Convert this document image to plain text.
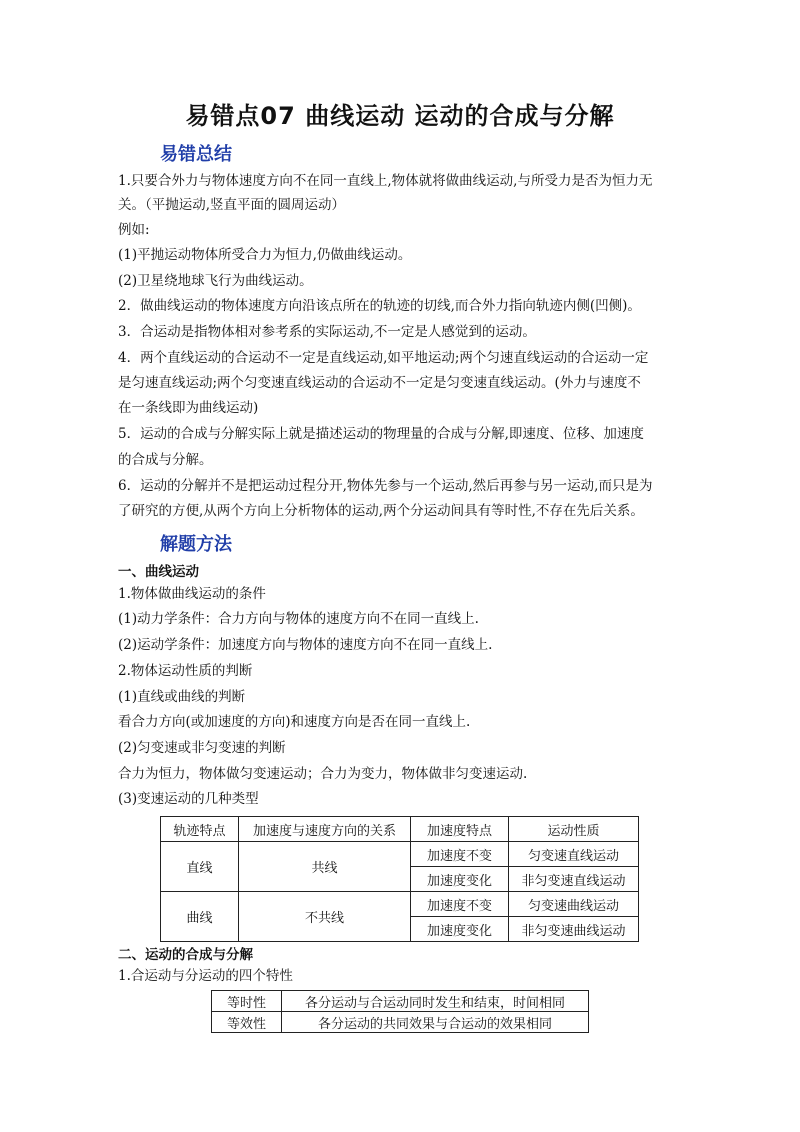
易错点07 曲线运动 运动的合成与分解
易错总结
1.只要合外力与物体速度方向不在同一直线上,物体就将做曲线运动,与所受力是否为恒力无
关。（平抛运动,竖直平面的圆周运动）
例如:
(1)平抛运动物体所受合力为恒力,仍做曲线运动。
(2)卫星绕地球飞行为曲线运动。
2．做曲线运动的物体速度方向沿该点所在的轨迹的切线,而合外力指向轨迹内侧(凹侧)。
3．合运动是指物体相对参考系的实际运动,不一定是人感觉到的运动。
4．两个直线运动的合运动不一定是直线运动,如平地运动;两个匀速直线运动的合运动一定
是匀速直线运动;两个匀变速直线运动的合运动不一定是匀变速直线运动。(外力与速度不
在一条线即为曲线运动)
5．运动的合成与分解实际上就是描述运动的物理量的合成与分解,即速度、位移、加速度
的合成与分解。
6．运动的分解并不是把运动过程分开,物体先参与一个运动,然后再参与另一运动,而只是为
了研究的方便,从两个方向上分析物体的运动,两个分运动间具有等时性,不存在先后关系。
解题方法
一、曲线运动
1.物体做曲线运动的条件
(1)动力学条件：合力方向与物体的速度方向不在同一直线上.
(2)运动学条件：加速度方向与物体的速度方向不在同一直线上.
2.物体运动性质的判断
(1)直线或曲线的判断
看合力方向(或加速度的方向)和速度方向是否在同一直线上.
(2)匀变速或非匀变速的判断
合力为恒力，物体做匀变速运动；合力为变力，物体做非匀变速运动.
(3)变速运动的几种类型
轨迹特点	加速度与速度方向的关系	加速度特点	运动性质
直线	共线	加速度不变	匀变速直线运动
		加速度变化	非匀变速直线运动
曲线	不共线	加速度不变	匀变速曲线运动
		加速度变化	非匀变速曲线运动
二、运动的合成与分解
1.合运动与分运动的四个特性
等时性	各分运动与合运动同时发生和结束，时间相同
等效性	各分运动的共同效果与合运动的效果相同
